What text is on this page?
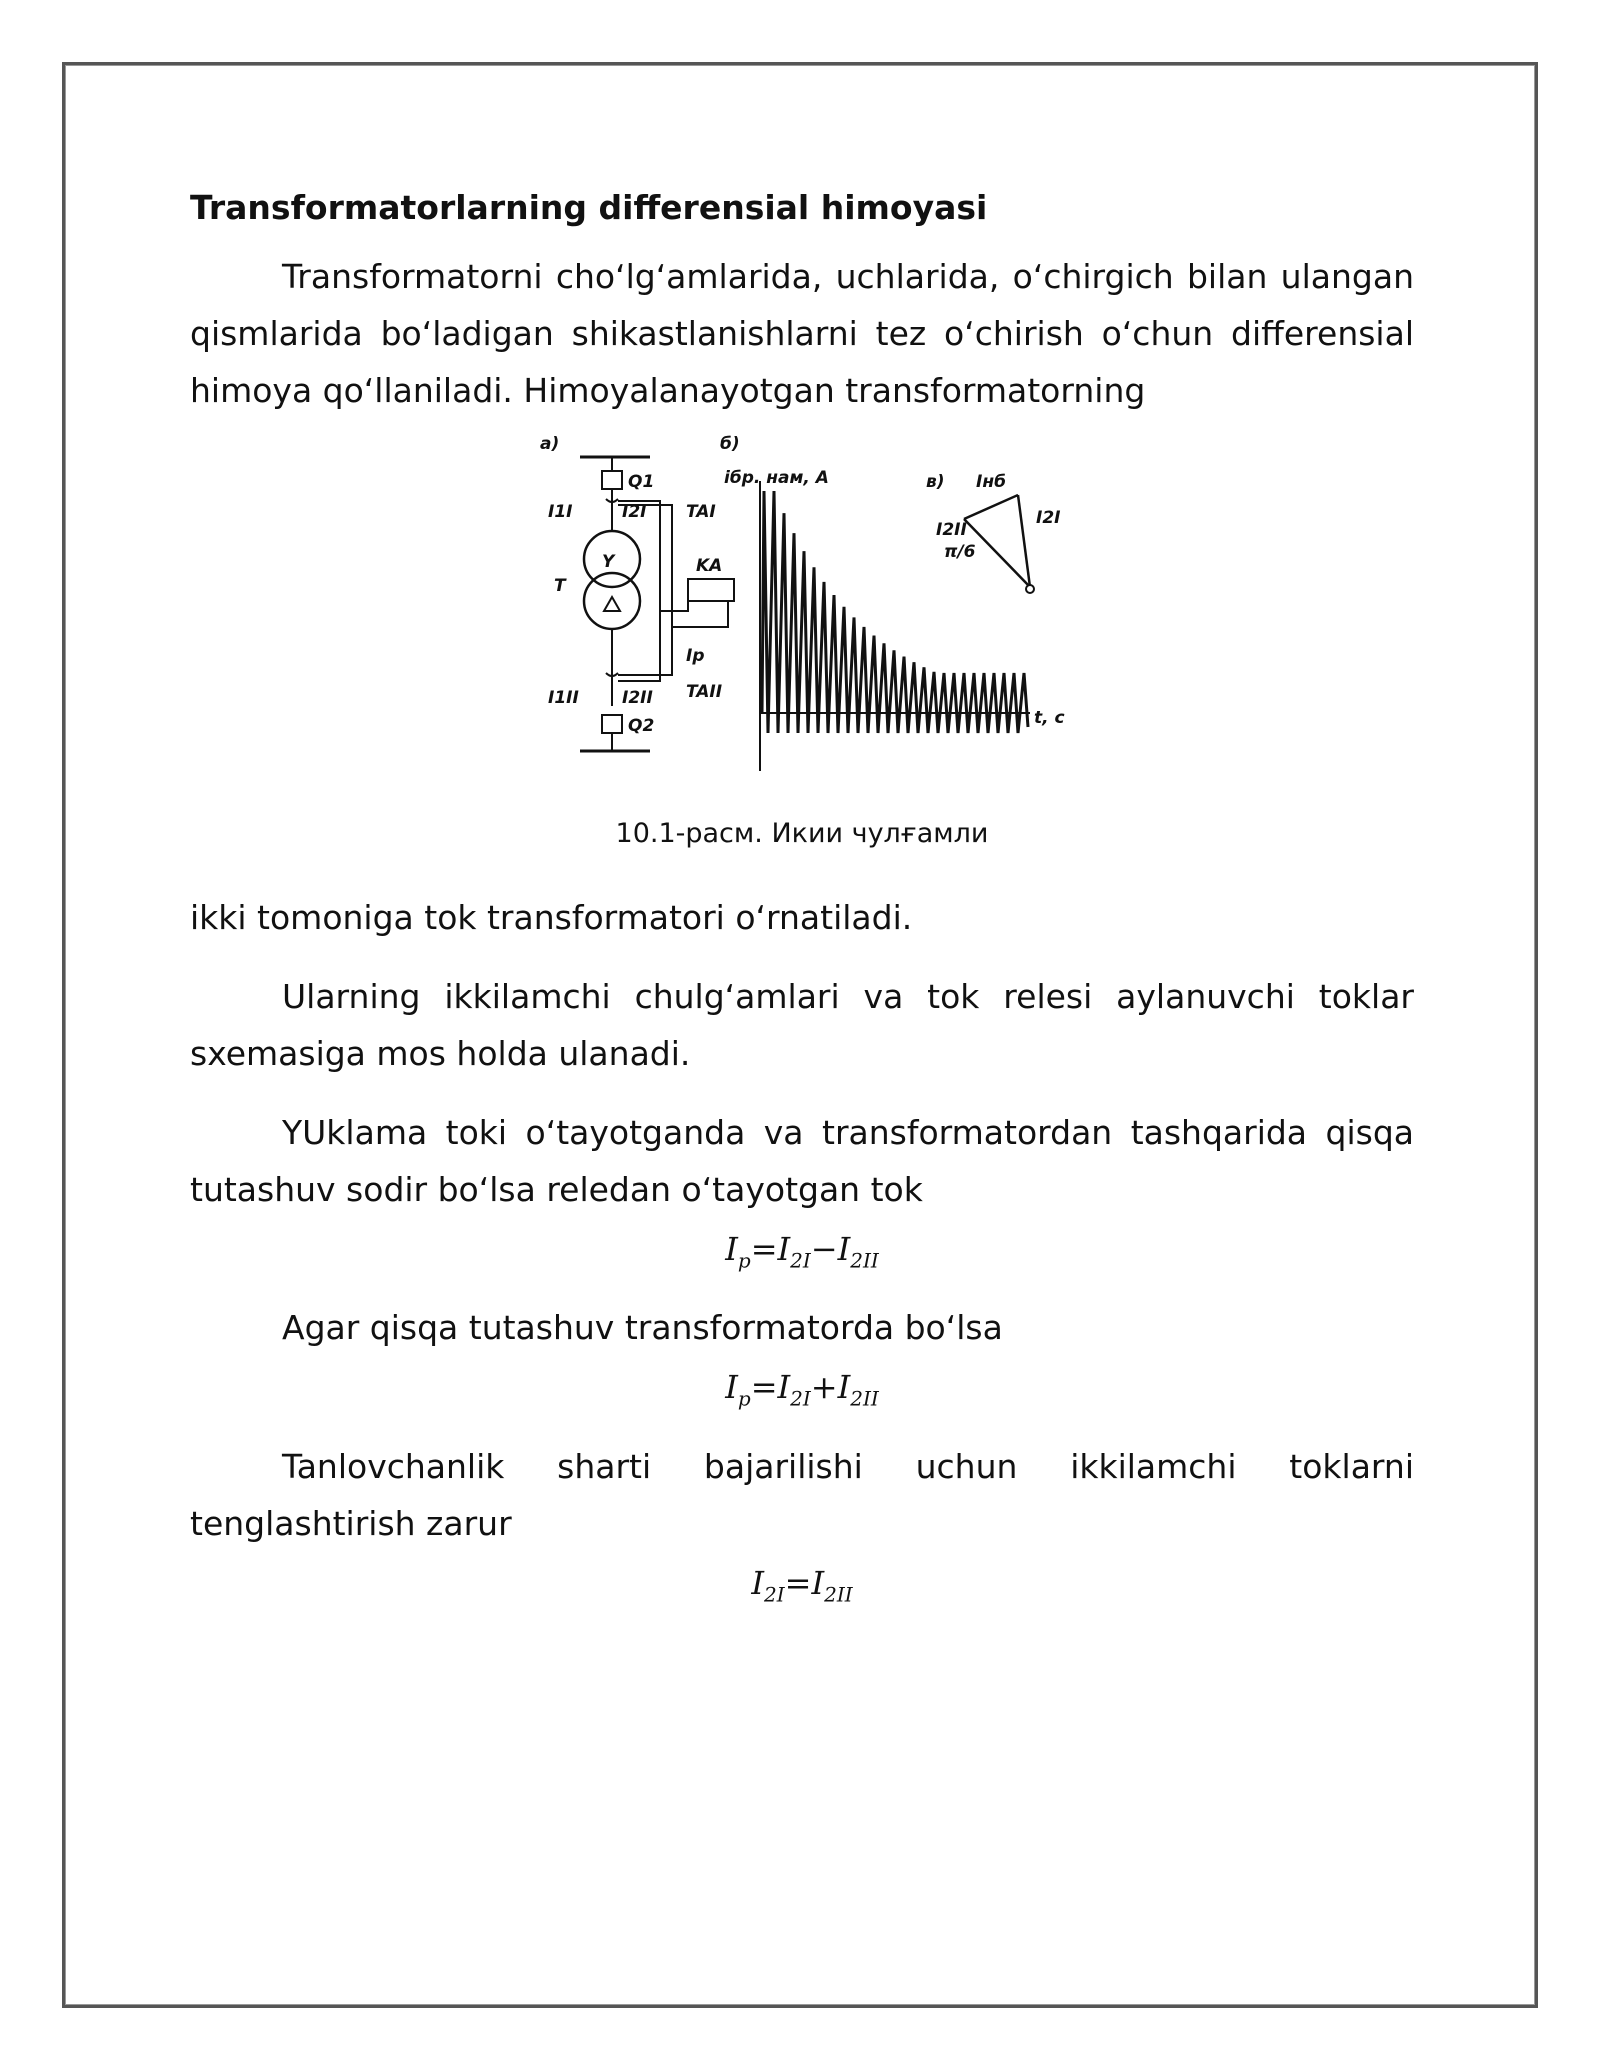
Transformatorlarning differensial himoyasi

Transformatorni cho‘lg‘amlarida, uchlarida, o‘chirgich bilan ulangan qismlarida bo‘ladigan shikastlanishlarni tez o‘chirish o‘chun differensial himoya qo‘llaniladi. Himoyalanayotgan transformatorning

а)
Q1
I1I	I2I TAI
Y
T
I1II	I2II TAII
Q2
KA
Ip
б)
iбр. нам, A
t, c
в) Iнб
I2I
I2II
π/6
10.1-расм. Икии чулғамли

ikki tomoniga tok transformatori o‘rnatiladi.

Ularning ikkilamchi chulg‘amlari va tok relesi aylanuvchi toklar sxemasiga mos holda ulanadi.

YUklama toki o‘tayotganda va transformatordan tashqarida qisqa tutashuv sodir bo‘lsa reledan o‘tayotgan tok

$I_p=I_{2I}-I_{2II}$

Agar qisqa tutashuv transformatorda bo‘lsa

$I_p=I_{2I}+I_{2II}$

Tanlovchanlik sharti bajarilishi uchun ikkilamchi toklarni tenglashtirish zarur

$I_{2I}=I_{2II}$
